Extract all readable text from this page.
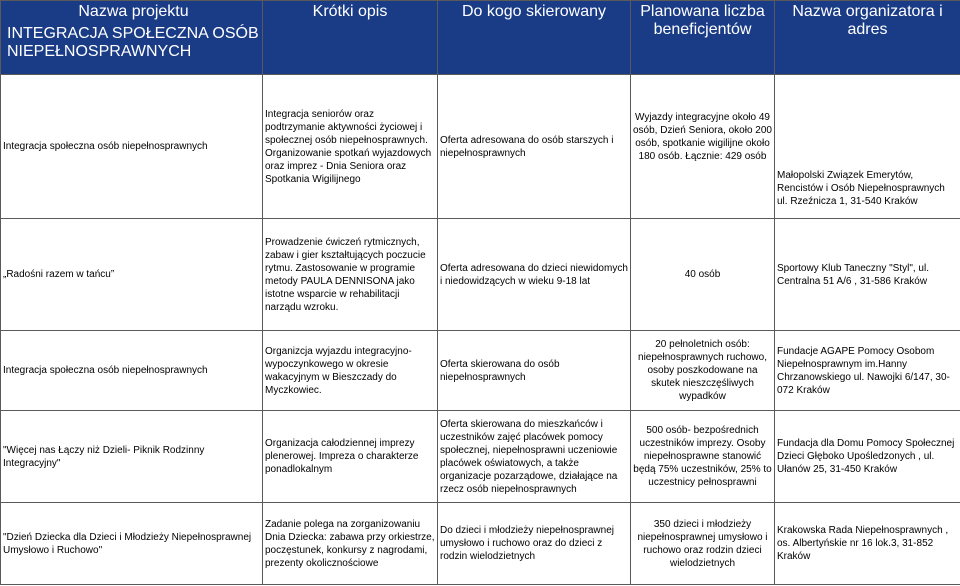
Nazwa projektu
INTEGRACJA SPOŁECZNA OSÓB NIEPEŁNOSPRAWNYCH	Krótki opis	Do kogo skierowany	Planowana liczba beneficjentów	Nazwa organizatora i adres
Integracja społeczna osób niepełnosprawnych	Integracja seniorów oraz podtrzymanie aktywności życiowej i społecznej osób niepełnosprawnych. Organizowanie spotkań wyjazdowych oraz imprez - Dnia Seniora oraz Spotkania Wigilijnego	Oferta adresowana do osób starszych i niepełnosprawnych	Wyjazdy integracyjne około 49 osób, Dzień Seniora, około 200 osób, spotkanie wigilijne około 180 osób. Łącznie: 429 osób	Małopolski Związek Emerytów, Rencistów i Osób Niepełnosprawnych ul. Rzeźnicza 1, 31-540 Kraków
„Radośni razem w tańcu”	Prowadzenie ćwiczeń rytmicznych, zabaw i gier kształtujących poczucie rytmu. Zastosowanie w programie metody PAULA DENNISONA jako istotne wsparcie w rehabilitacji narządu wzroku.	Oferta adresowana do dzieci niewidomych i niedowidzących w wieku 9-18 lat	40 osób	Sportowy Klub Taneczny "Styl", ul. Centralna 51 A/6 , 31-586 Kraków
Integracja społeczna osób niepełnosprawnych	Organizcja wyjazdu integracyjno-wypoczynkowego w okresie wakacyjnym w Bieszczady do Myczkowiec.	Oferta skierowana do osób niepełnosprawnych	20 pełnoletnich osób: niepełnosprawnych ruchowo, osoby poszkodowane na skutek nieszczęśliwych wypadków	Fundacje AGAPE Pomocy Osobom Niepełnosprawnym im.Hanny Chrzanowskiego ul. Nawojki 6/147, 30-072 Kraków
"Więcej nas Łączy niż Dzieli- Piknik Rodzinny Integracyjny"	Organizacja całodziennej imprezy plenerowej. Impreza o charakterze ponadlokalnym	Oferta skierowana do mieszkańców i uczestników zajęć placówek pomocy społecznej, niepełnosprawni uczeniowie placówek oświatowych, a także organizacje pozarządowe, działające na rzecz osób niepełnosprawnych	500 osób- bezpośrednich uczestników imprezy. Osoby niepełnosprawne stanowić będą 75% uczestników, 25% to uczestnicy pełnosprawni	Fundacja dla Domu Pomocy Społecznej Dzieci Głęboko Upośledzonych , ul. Ułanów 25, 31-450 Kraków
"Dzień Dziecka dla Dzieci i Młodzieży Niepełnosprawnej Umysłowo i Ruchowo"	Zadanie polega na zorganizowaniu Dnia Dziecka: zabawa przy orkiestrze, poczęstunek, konkursy z nagrodami, prezenty okolicznościowe	Do dzieci i młodzieży niepełnosprawnej umysłowo i ruchowo oraz do dzieci z rodzin wielodzietnych	350 dzieci i młodzieży niepełnosprawnej umysłowo i ruchowo oraz rodzin dzieci wielodzietnych	Krakowska Rada Niepełnosprawnych , os. Albertyńskie nr 16 lok.3, 31-852 Kraków
